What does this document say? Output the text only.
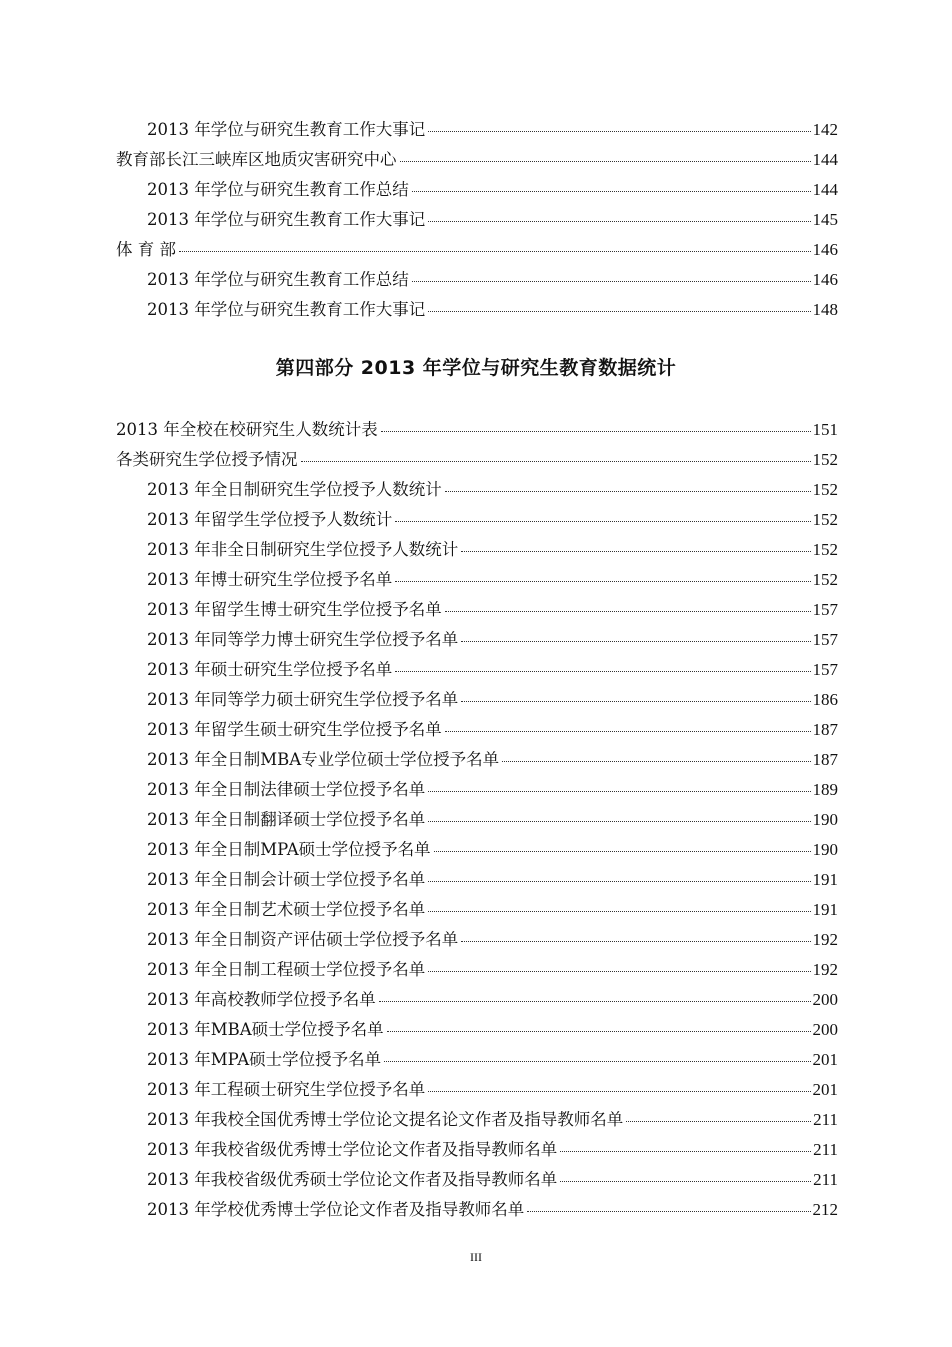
2013 年学位与研究生教育工作大事记	142
教育部长江三峡库区地质灾害研究中心	144
2013 年学位与研究生教育工作总结	144
2013 年学位与研究生教育工作大事记	145
体 育 部	146
2013 年学位与研究生教育工作总结	146
2013 年学位与研究生教育工作大事记	148
第四部分 2013 年学位与研究生教育数据统计
2013 年全校在校研究生人数统计表	151
各类研究生学位授予情况	152
2013 年全日制研究生学位授予人数统计	152
2013 年留学生学位授予人数统计	152
2013 年非全日制研究生学位授予人数统计	152
2013 年博士研究生学位授予名单	152
2013 年留学生博士研究生学位授予名单	157
2013 年同等学力博士研究生学位授予名单	157
2013 年硕士研究生学位授予名单	157
2013 年同等学力硕士研究生学位授予名单	186
2013 年留学生硕士研究生学位授予名单	187
2013 年全日制MBA专业学位硕士学位授予名单	187
2013 年全日制法律硕士学位授予名单	189
2013 年全日制翻译硕士学位授予名单	190
2013 年全日制MPA硕士学位授予名单	190
2013 年全日制会计硕士学位授予名单	191
2013 年全日制艺术硕士学位授予名单	191
2013 年全日制资产评估硕士学位授予名单	192
2013 年全日制工程硕士学位授予名单	192
2013 年高校教师学位授予名单	200
2013 年MBA硕士学位授予名单	200
2013 年MPA硕士学位授予名单	201
2013 年工程硕士研究生学位授予名单	201
2013 年我校全国优秀博士学位论文提名论文作者及指导教师名单	211
2013 年我校省级优秀博士学位论文作者及指导教师名单	211
2013 年我校省级优秀硕士学位论文作者及指导教师名单	211
2013 年学校优秀博士学位论文作者及指导教师名单	212
III
